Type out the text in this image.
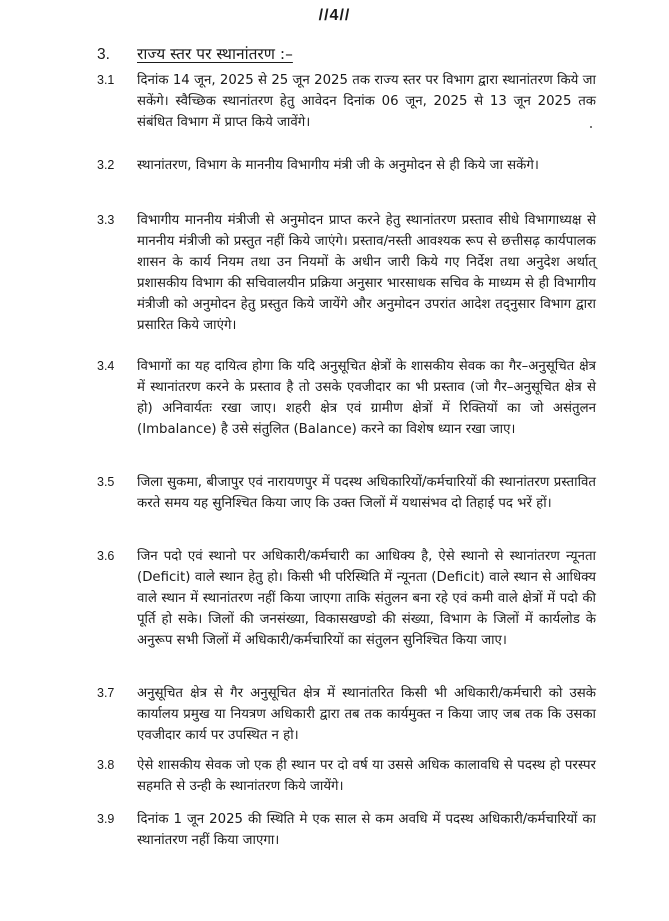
//4//
3. राज्य स्तर पर स्थानांतरण :–
3.1 दिनांक 14 जून, 2025 से 25 जून 2025 तक राज्य स्तर पर विभाग द्वारा स्थानांतरण किये जा सकेंगे। स्वैच्छिक स्थानांतरण हेतु आवेदन दिनांक 06 जून, 2025 से 13 जून 2025 तक संबंधित विभाग में प्राप्त किये जावेंगे।
3.2 स्थानांतरण, विभाग के माननीय विभागीय मंत्री जी के अनुमोदन से ही किये जा सकेंगे।
3.3 विभागीय माननीय मंत्रीजी से अनुमोदन प्राप्त करने हेतु स्थानांतरण प्रस्ताव सीधे विभागाध्यक्ष से माननीय मंत्रीजी को प्रस्तुत नहीं किये जाएंगे। प्रस्ताव/नस्ती आवश्यक रूप से छत्तीसढ़ कार्यपालक शासन के कार्य नियम तथा उन नियमों के अधीन जारी किये गए निर्देश तथा अनुदेश अर्थात् प्रशासकीय विभाग की सचिवालयीन प्रक्रिया अनुसार भारसाधक सचिव के माध्यम से ही विभागीय मंत्रीजी को अनुमोदन हेतु प्रस्तुत किये जायेंगे और अनुमोदन उपरांत आदेश तद्नुसार विभाग द्वारा प्रसारित किये जाएंगे।
3.4 विभागों का यह दायित्व होगा कि यदि अनुसूचित क्षेत्रों के शासकीय सेवक का गैर–अनुसूचित क्षेत्र में स्थानांतरण करने के प्रस्ताव है तो उसके एवजीदार का भी प्रस्ताव (जो गैर–अनुसूचित क्षेत्र से हो) अनिवार्यतः रखा जाए। शहरी क्षेत्र एवं ग्रामीण क्षेत्रों में रिक्तियों का जो असंतुलन (Imbalance) है उसे संतुलित (Balance) करने का विशेष ध्यान रखा जाए।
3.5 जिला सुकमा, बीजापुर एवं नारायणपुर में पदस्थ अधिकारियों/कर्मचारियों की स्थानांतरण प्रस्तावित करते समय यह सुनिश्चित किया जाए कि उक्त जिलों में यथासंभव दो तिहाई पद भरें हों।
3.6 जिन पदो एवं स्थानो पर अधिकारी/कर्मचारी का आधिक्य है, ऐसे स्थानो से स्थानांतरण न्यूनता (Deficit) वाले स्थान हेतु हो। किसी भी परिस्थिति में न्यूनता (Deficit) वाले स्थान से आधिक्य वाले स्थान में स्थानांतरण नहीं किया जाएगा ताकि संतुलन बना रहे एवं कमी वाले क्षेत्रों में पदो की पूर्ति हो सके। जिलों की जनसंख्या, विकासखण्डो की संख्या, विभाग के जिलों में कार्यलोड के अनुरूप सभी जिलों में अधिकारी/कर्मचारियों का संतुलन सुनिश्चित किया जाए।
3.7 अनुसूचित क्षेत्र से गैर अनुसूचित क्षेत्र में स्थानांतरित किसी भी अधिकारी/कर्मचारी को उसके कार्यालय प्रमुख या नियत्रण अधिकारी द्वारा तब तक कार्यमुक्त न किया जाए जब तक कि उसका एवजीदार कार्य पर उपस्थित न हो।
3.8 ऐसे शासकीय सेवक जो एक ही स्थान पर दो वर्ष या उससे अधिक कालावधि से पदस्थ हो परस्पर सहमति से उन्ही के स्थानांतरण किये जायेंगे।
3.9 दिनांक 1 जून 2025 की स्थिति मे एक साल से कम अवधि में पदस्थ अधिकारी/कर्मचारियों का स्थानांतरण नहीं किया जाएगा।
